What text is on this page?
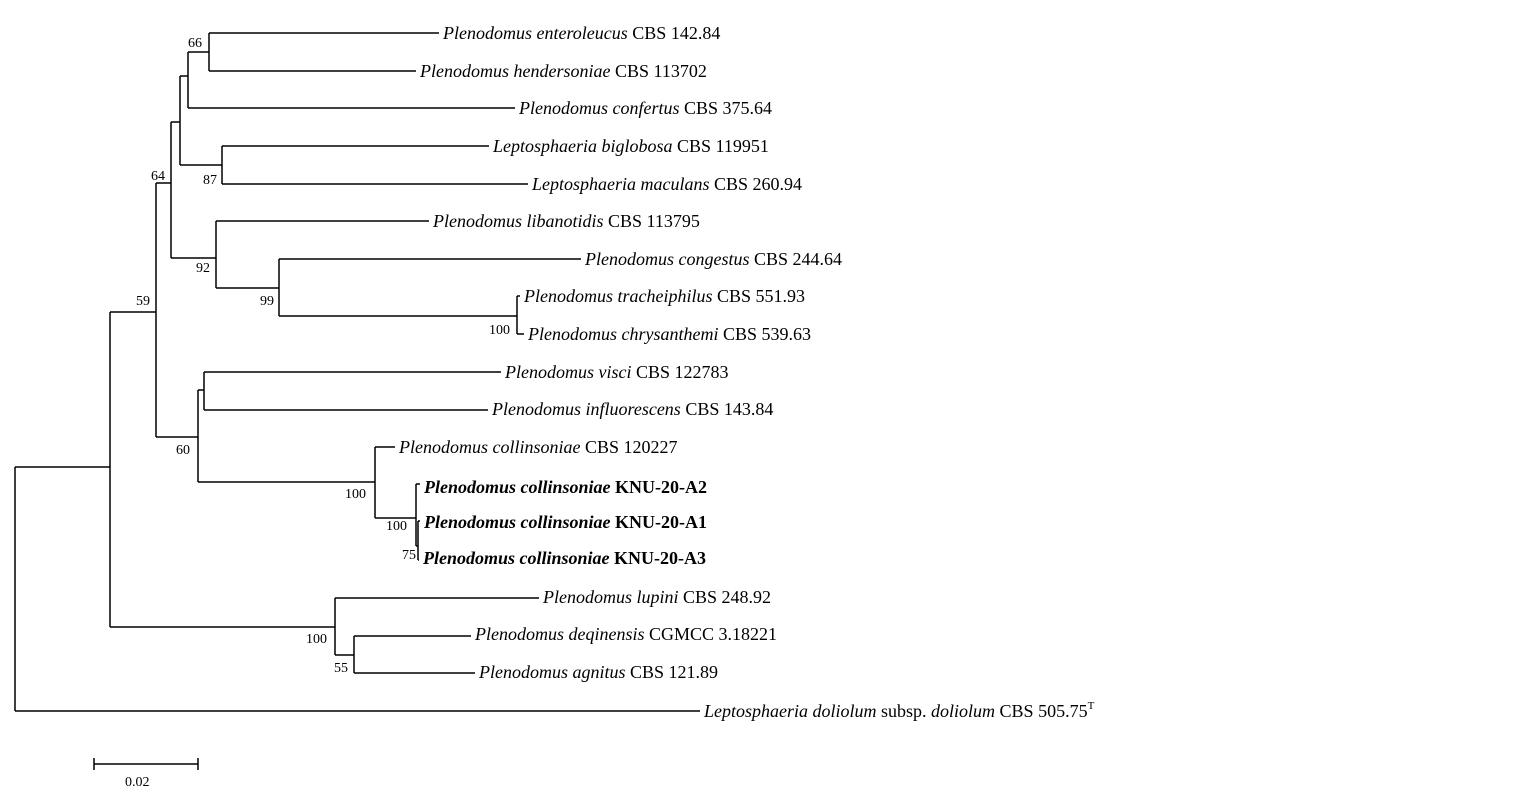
Plenodomus enteroleucus CBS 142.84
Plenodomus hendersoniae CBS 113702
Plenodomus confertus CBS 375.64
Leptosphaeria biglobosa CBS 119951
Leptosphaeria maculans CBS 260.94
Plenodomus libanotidis CBS 113795
Plenodomus congestus CBS 244.64
Plenodomus tracheiphilus CBS 551.93
Plenodomus chrysanthemi CBS 539.63
Plenodomus visci CBS 122783
Plenodomus influorescens CBS 143.84
Plenodomus collinsoniae CBS 120227
Plenodomus collinsoniae KNU-20-A2
Plenodomus collinsoniae KNU-20-A1
Plenodomus collinsoniae KNU-20-A3
Plenodomus lupini CBS 248.92
Plenodomus deqinensis CGMCC 3.18221
Plenodomus agnitus CBS 121.89
Leptosphaeria doliolum subsp. doliolum CBS $505.75^T$
66
64	87
92
99
100
59
60
100
100
75
100
55
0.02
